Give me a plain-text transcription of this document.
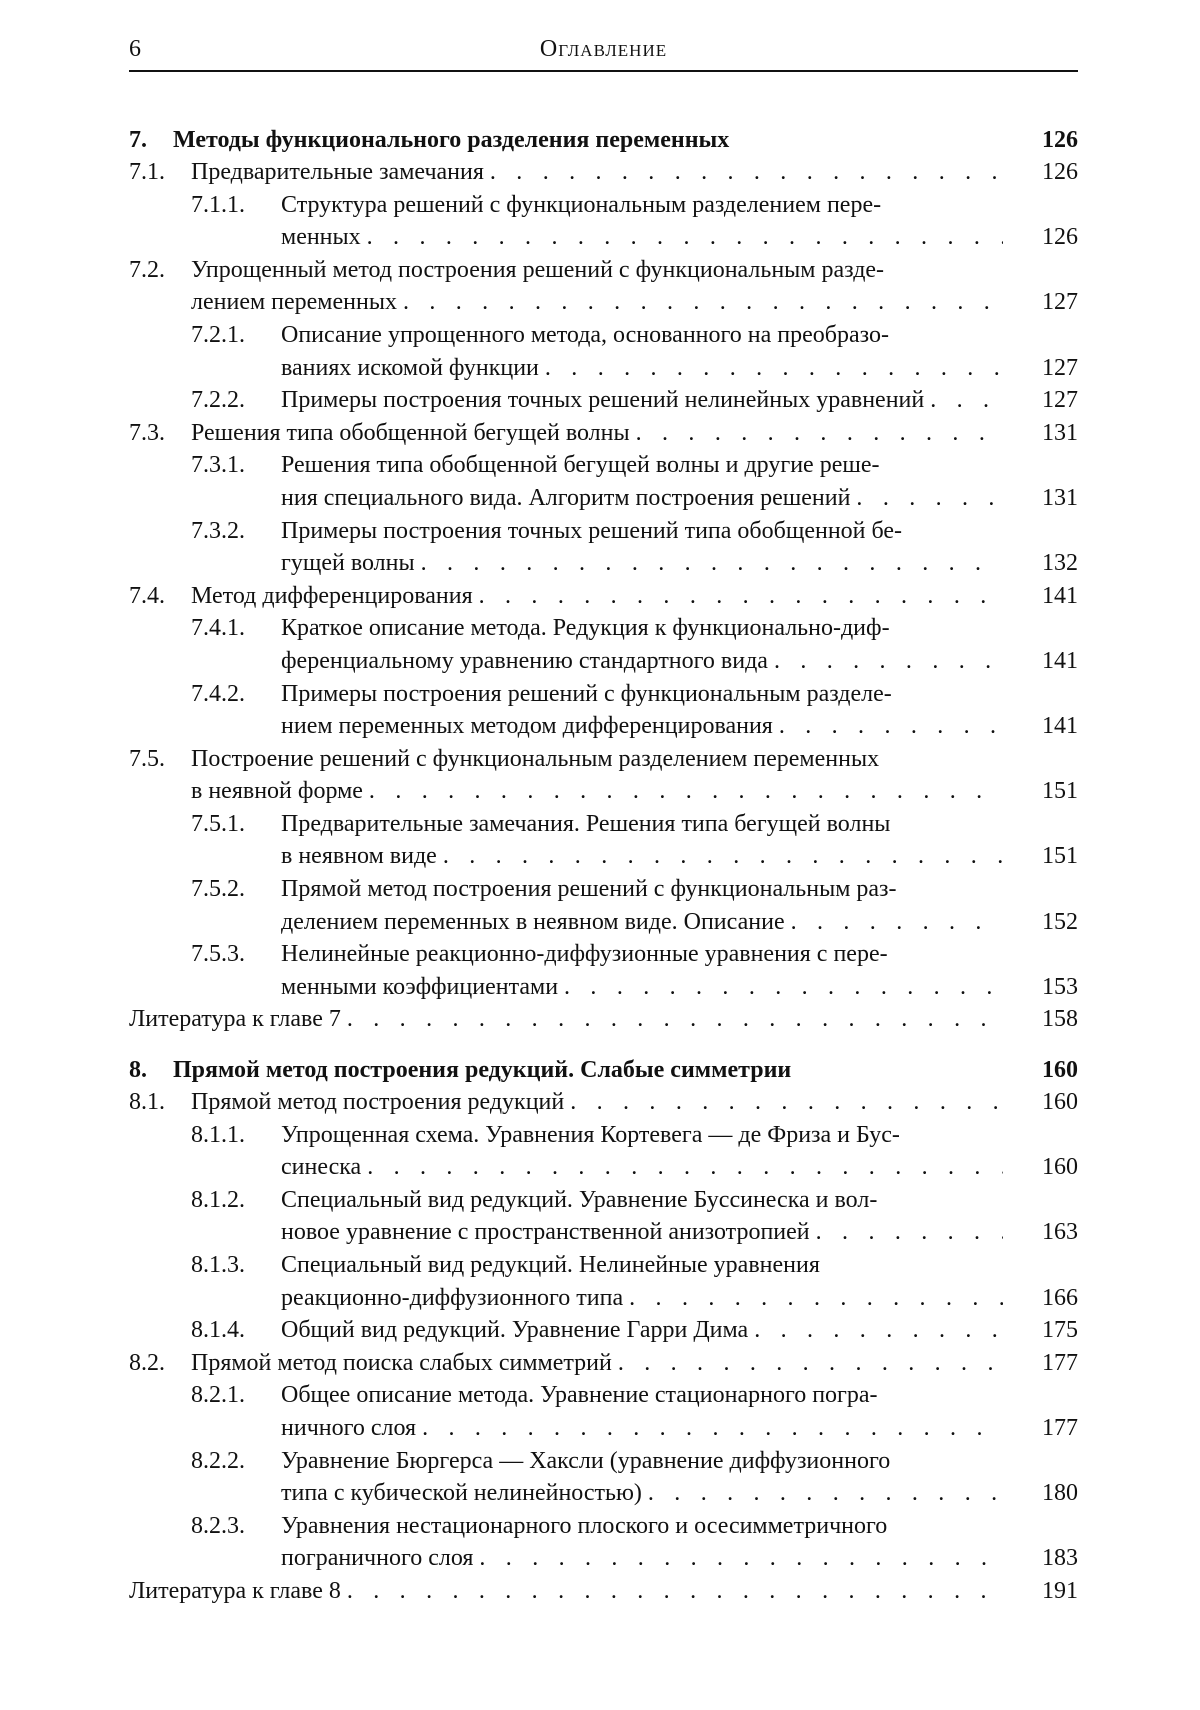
6	Оглавление
7.	Методы функционального разделения переменных	126
7.1. Предварительные замечания . . . . . . . . . . . . . . . . . . .	126
7.1.1. Структура решений с функциональным разделением пере-
менных . . . . . . . . . . . . . . . . . . . . . . . .	126
7.2. Упрощенный метод построения решений с функциональным разде-
лением переменных . . . . . . . . . . . . . . . . . . . . . . . 127
7.2.1. Описание упрощенного метода, основанного на преобразо-
ваниях искомой функции . . . . . . . . . . . . . . . . .	127
7.2.2. Примеры построения точных решений нелинейных уравнений . . . 127
7.3. Решения типа обобщенной бегущей волны . . . . . . . . . . . . . .	131
7.3.1. Решения типа обобщенной бегущей волны и другие реше-
ния специального вида. Алгоритм построения решений . . . . . . 131
7.3.2. Примеры построения точных решений типа обобщенной бе-
гущей волны . . . . . . . . . . . . . . . . . . . . . .	132
7.4. Метод дифференцирования . . . . . . . . . . . . . . . . . . . .	141
7.4.1. Краткое описание метода. Редукция к функционально-диф-
ференциальному уравнению стандартного вида . . . . . . . . . 141
7.4.2. Примеры построения решений с функциональным разделе-
нием переменных методом дифференцирования . . . . . . . . . 141
7.5. Построение решений с функциональным разделением переменных
в неявной форме . . . . . . . . . . . . . . . . . . . . . . . .	151
7.5.1. Предварительные замечания. Решения типа бегущей волны
в неявном виде . . . . . . . . . . . . . . . . . . . . .	151
7.5.2. Прямой метод построения решений с функциональным раз-
делением переменных в неявном виде. Описание . . . . . . . .	152
7.5.3. Нелинейные реакционно-диффузионные уравнения с пере-
менными коэффициентами . . . . . . . . . . . . . . . . . 153
Литература к главе 7 . . . . . . . . . . . . . . . . . . . . . . . . .	158
8.	Прямой метод построения редукций. Слабые симметрии	160
8.1. Прямой метод построения редукций . . . . . . . . . . . . . . . .	160
8.1.1. Упрощенная схема. Уравнения Кортевега — де Фриза и Бус-
синеска . . . . . . . . . . . . . . . . . . . . . . . .	160
8.1.2. Специальный вид редукций. Уравнение Буссинеска и вол-
новое уравнение с пространственной анизотропией . . . . . . .	163
8.1.3. Специальный вид редукций. Нелинейные уравнения
реакционно-диффузионного типа . . . . . . . . . . . . . .	166
8.1.4. Общий вид редукций. Уравнение Гарри Дима . . . . . . . . .	175
8.2. Прямой метод поиска слабых симметрий . . . . . . . . . . . . . . . 177
8.2.1. Общее описание метода. Уравнение стационарного погра-
ничного слоя . . . . . . . . . . . . . . . . . . . . . .	177
8.2.2. Уравнение Бюргерса — Хаксли (уравнение диффузионного
типа с кубической нелинейностью) . . . . . . . . . . . . . . 180
8.2.3. Уравнения нестационарного плоского и осесимметричного
пограничного слоя . . . . . . . . . . . . . . . . . . . .	183
Литература к главе 8 . . . . . . . . . . . . . . . . . . . . . . . . .	191
